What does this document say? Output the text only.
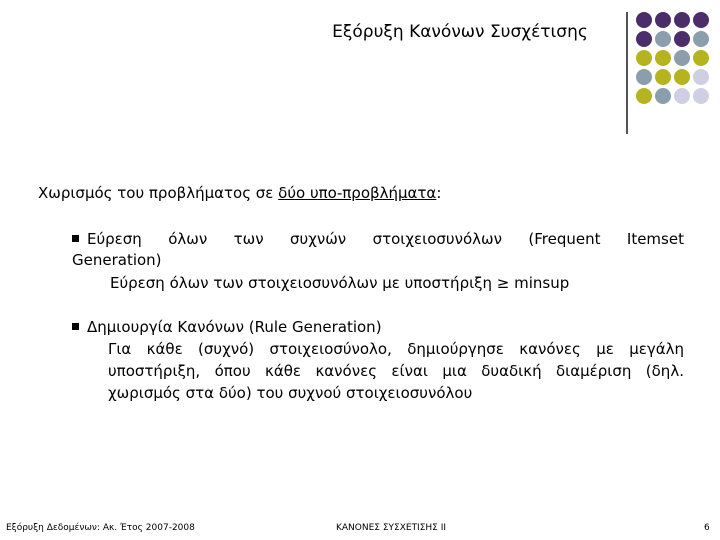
Εξόρυξη Κανόνων Συσχέτισης
Χωρισμός του προβλήματος σε δύο υπο-προβλήματα:
Εύρεση όλων των συχνών στοιχειοσυνόλων (Frequent Itemset
Generation)
Εύρεση όλων των στοιχειοσυνόλων με υποστήριξη ≥ minsup
Δημιουργία Κανόνων (Rule Generation)
Για κάθε (συχνό) στοιχειοσύνολο, δημιούργησε κανόνες με μεγάλη
υποστήριξη, όπου κάθε κανόνες είναι μια δυαδική διαμέριση (δηλ.
χωρισμός στα δύο) του συχνού στοιχειοσυνόλου
Εξόρυξη Δεδομένων: Ακ. Έτος 2007-2008	ΚΑΝΟΝΕΣ ΣΥΣΧΕΤΙΣΗΣ ΙΙ	6
